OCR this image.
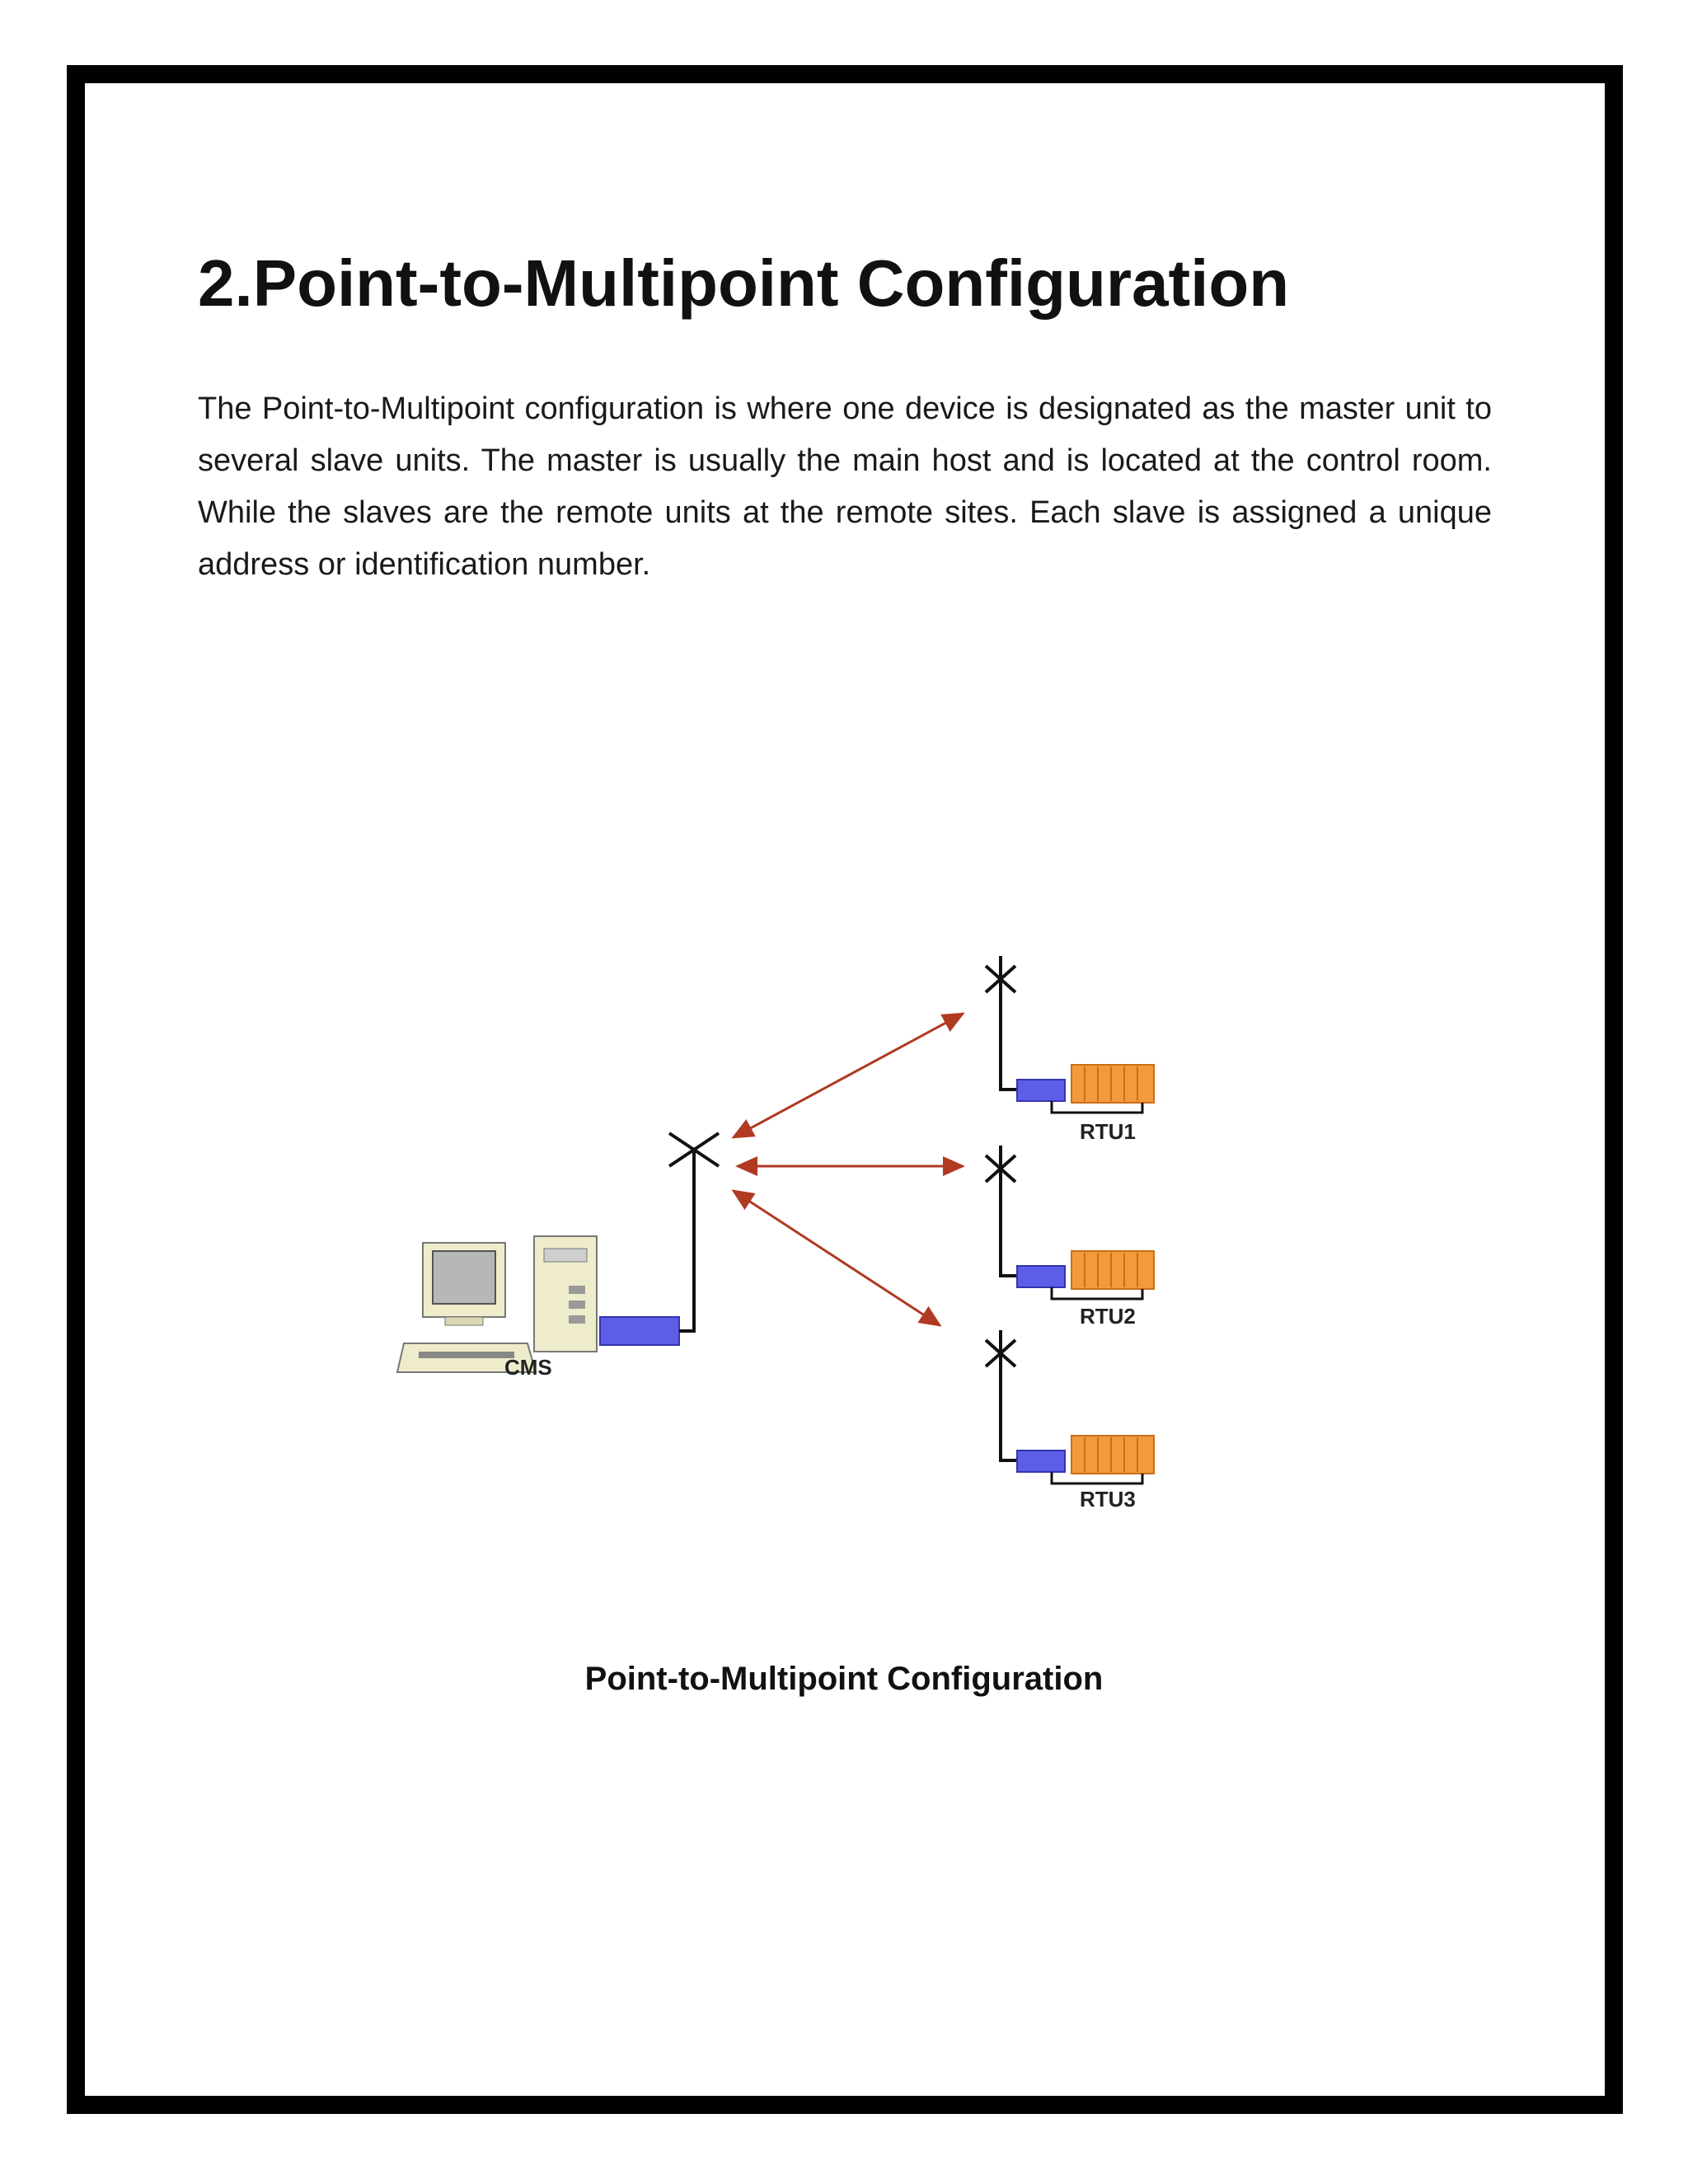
2.Point-to-Multipoint Configuration

The Point-to-Multipoint configuration is where one device is designated as the master unit to several slave units. The master is usually the main host and is located at the control room. While the slaves are the remote units at the remote sites. Each slave is assigned a unique address or identification number.

RTU1
RTU2
RTU3
CMS

Point-to-Multipoint Configuration
